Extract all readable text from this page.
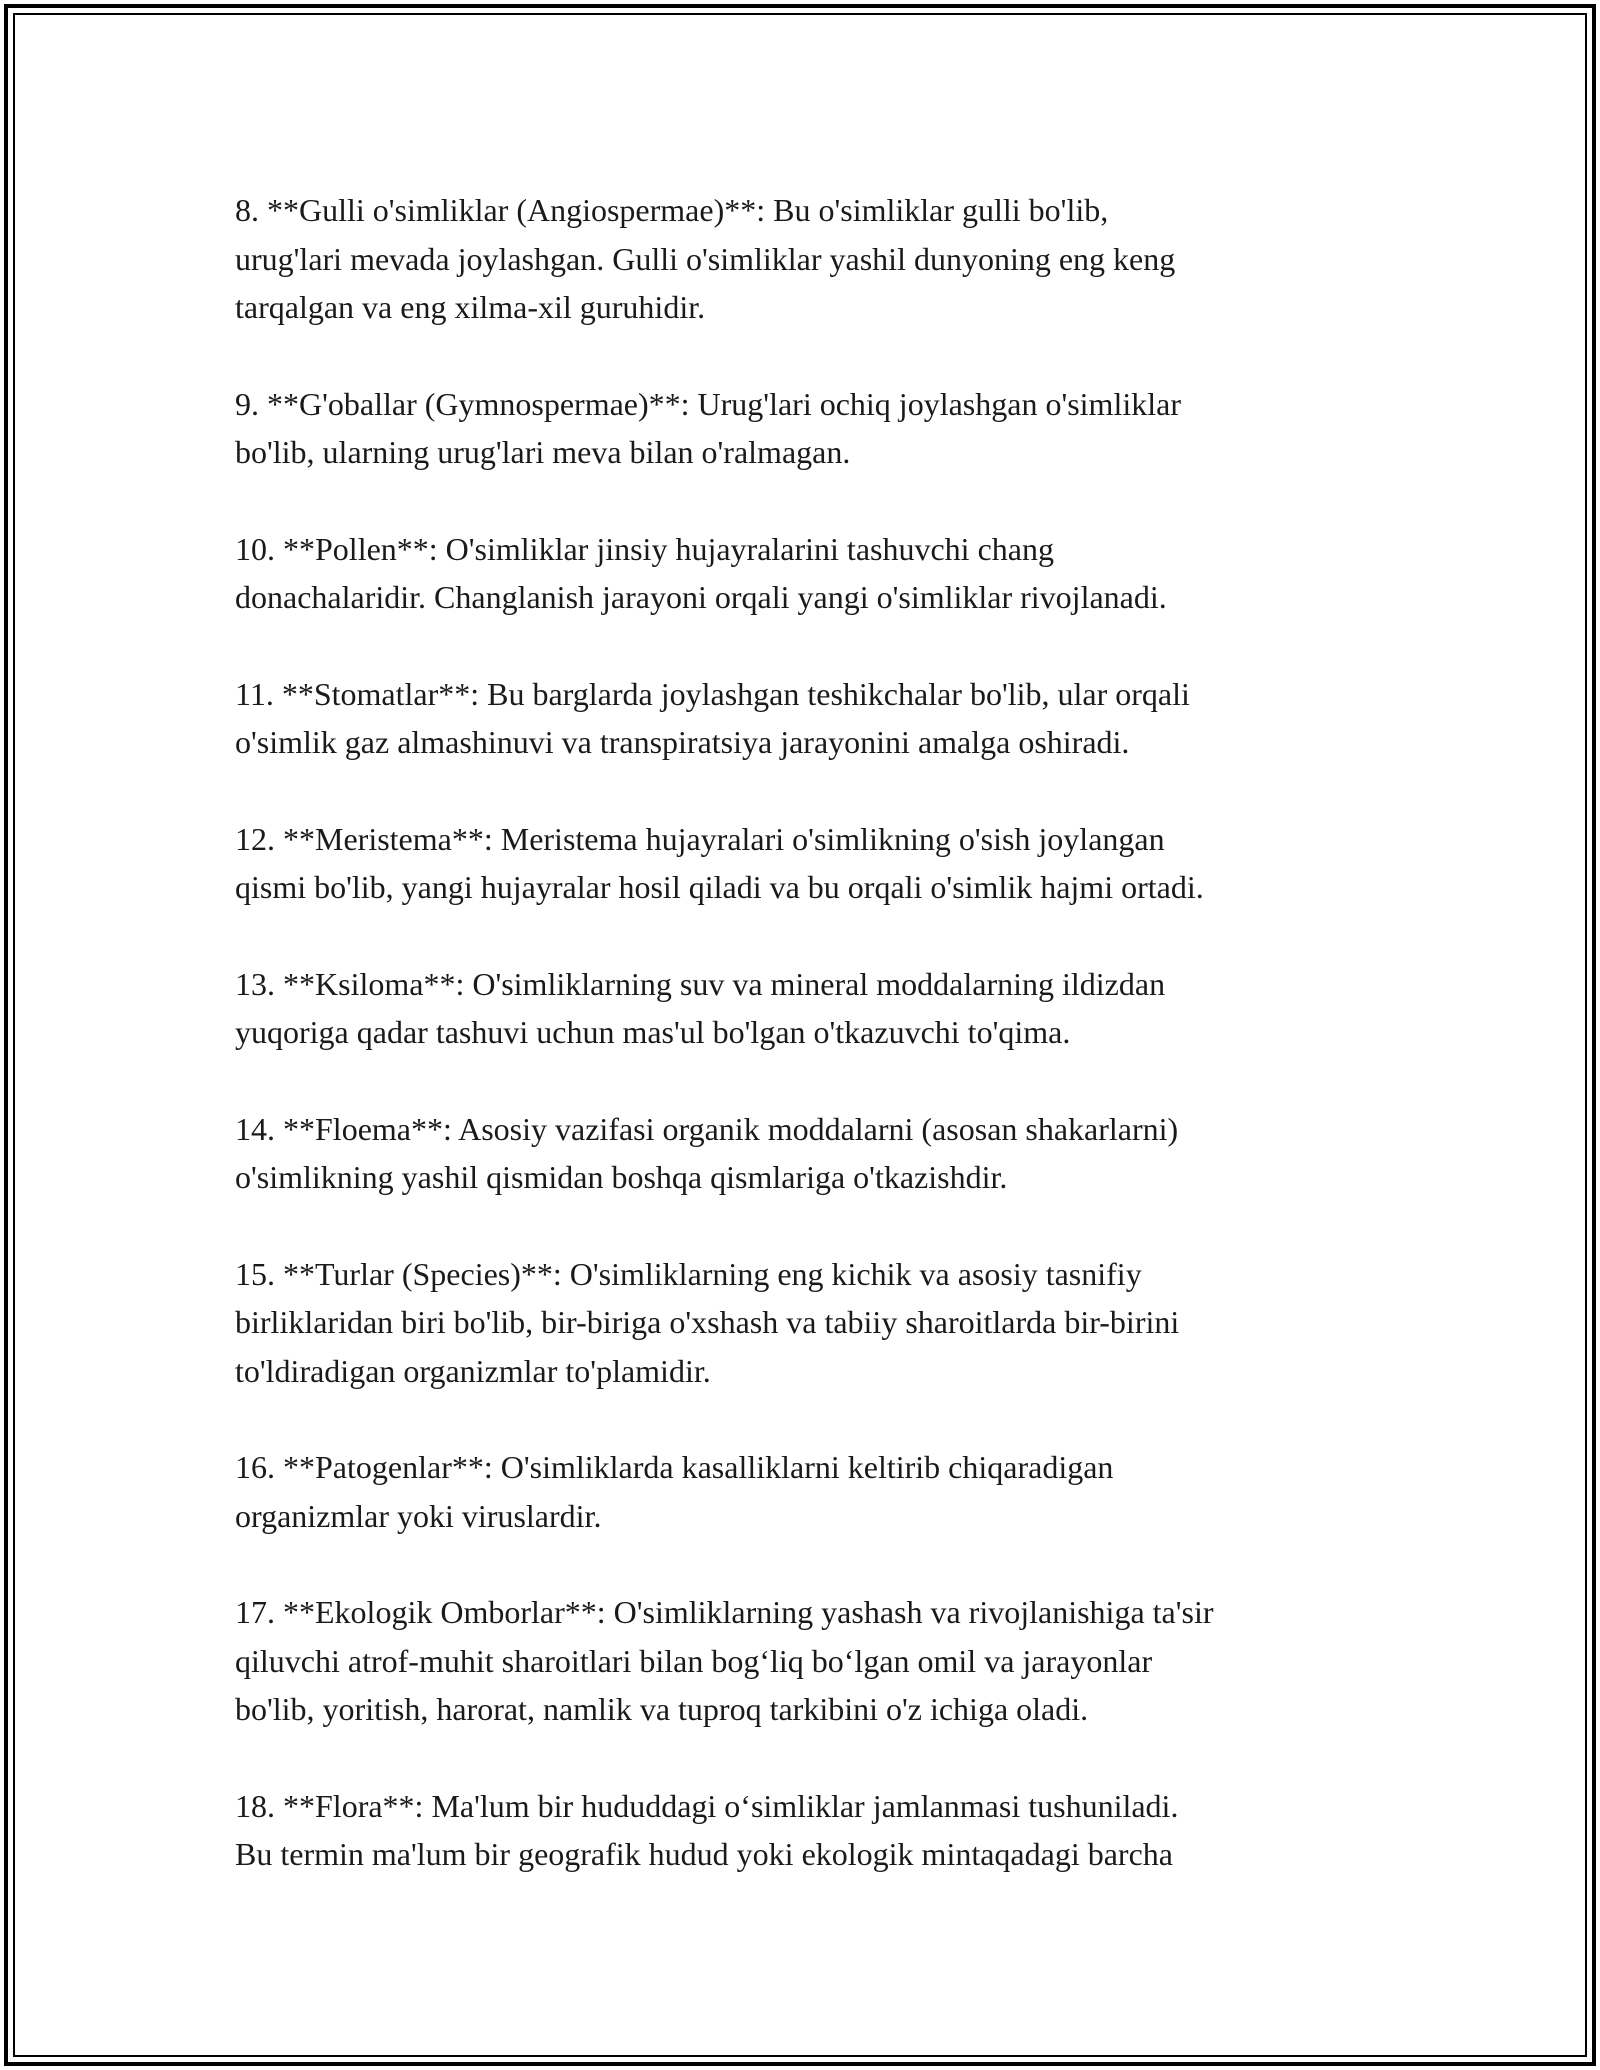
8. **Gulli o'simliklar (Angiospermae)**: Bu o'simliklar gulli bo'lib,
urug'lari mevada joylashgan. Gulli o'simliklar yashil dunyoning eng keng
tarqalgan va eng xilma-xil guruhidir.
9. **G'oballar (Gymnospermae)**: Urug'lari ochiq joylashgan o'simliklar
bo'lib, ularning urug'lari meva bilan o'ralmagan.
10. **Pollen**: O'simliklar jinsiy hujayralarini tashuvchi chang
donachalaridir. Changlanish jarayoni orqali yangi o'simliklar rivojlanadi.
11. **Stomatlar**: Bu barglarda joylashgan teshikchalar bo'lib, ular orqali
o'simlik gaz almashinuvi va transpiratsiya jarayonini amalga oshiradi.
12. **Meristema**: Meristema hujayralari o'simlikning o'sish joylangan
qismi bo'lib, yangi hujayralar hosil qiladi va bu orqali o'simlik hajmi ortadi.
13. **Ksiloma**: O'simliklarning suv va mineral moddalarning ildizdan
yuqoriga qadar tashuvi uchun mas'ul bo'lgan o'tkazuvchi to'qima.
14. **Floema**: Asosiy vazifasi organik moddalarni (asosan shakarlarni)
o'simlikning yashil qismidan boshqa qismlariga o'tkazishdir.
15. **Turlar (Species)**: O'simliklarning eng kichik va asosiy tasnifiy
birliklaridan biri bo'lib, bir-biriga o'xshash va tabiiy sharoitlarda bir-birini
to'ldiradigan organizmlar to'plamidir.
16. **Patogenlar**: O'simliklarda kasalliklarni keltirib chiqaradigan
organizmlar yoki viruslardir.
17. **Ekologik Omborlar**: O'simliklarning yashash va rivojlanishiga ta'sir
qiluvchi atrof-muhit sharoitlari bilan bog‘liq bo‘lgan omil va jarayonlar
bo'lib, yoritish, harorat, namlik va tuproq tarkibini o'z ichiga oladi.
18. **Flora**: Ma'lum bir hududdagi o‘simliklar jamlanmasi tushuniladi.
Bu termin ma'lum bir geografik hudud yoki ekologik mintaqadagi barcha
